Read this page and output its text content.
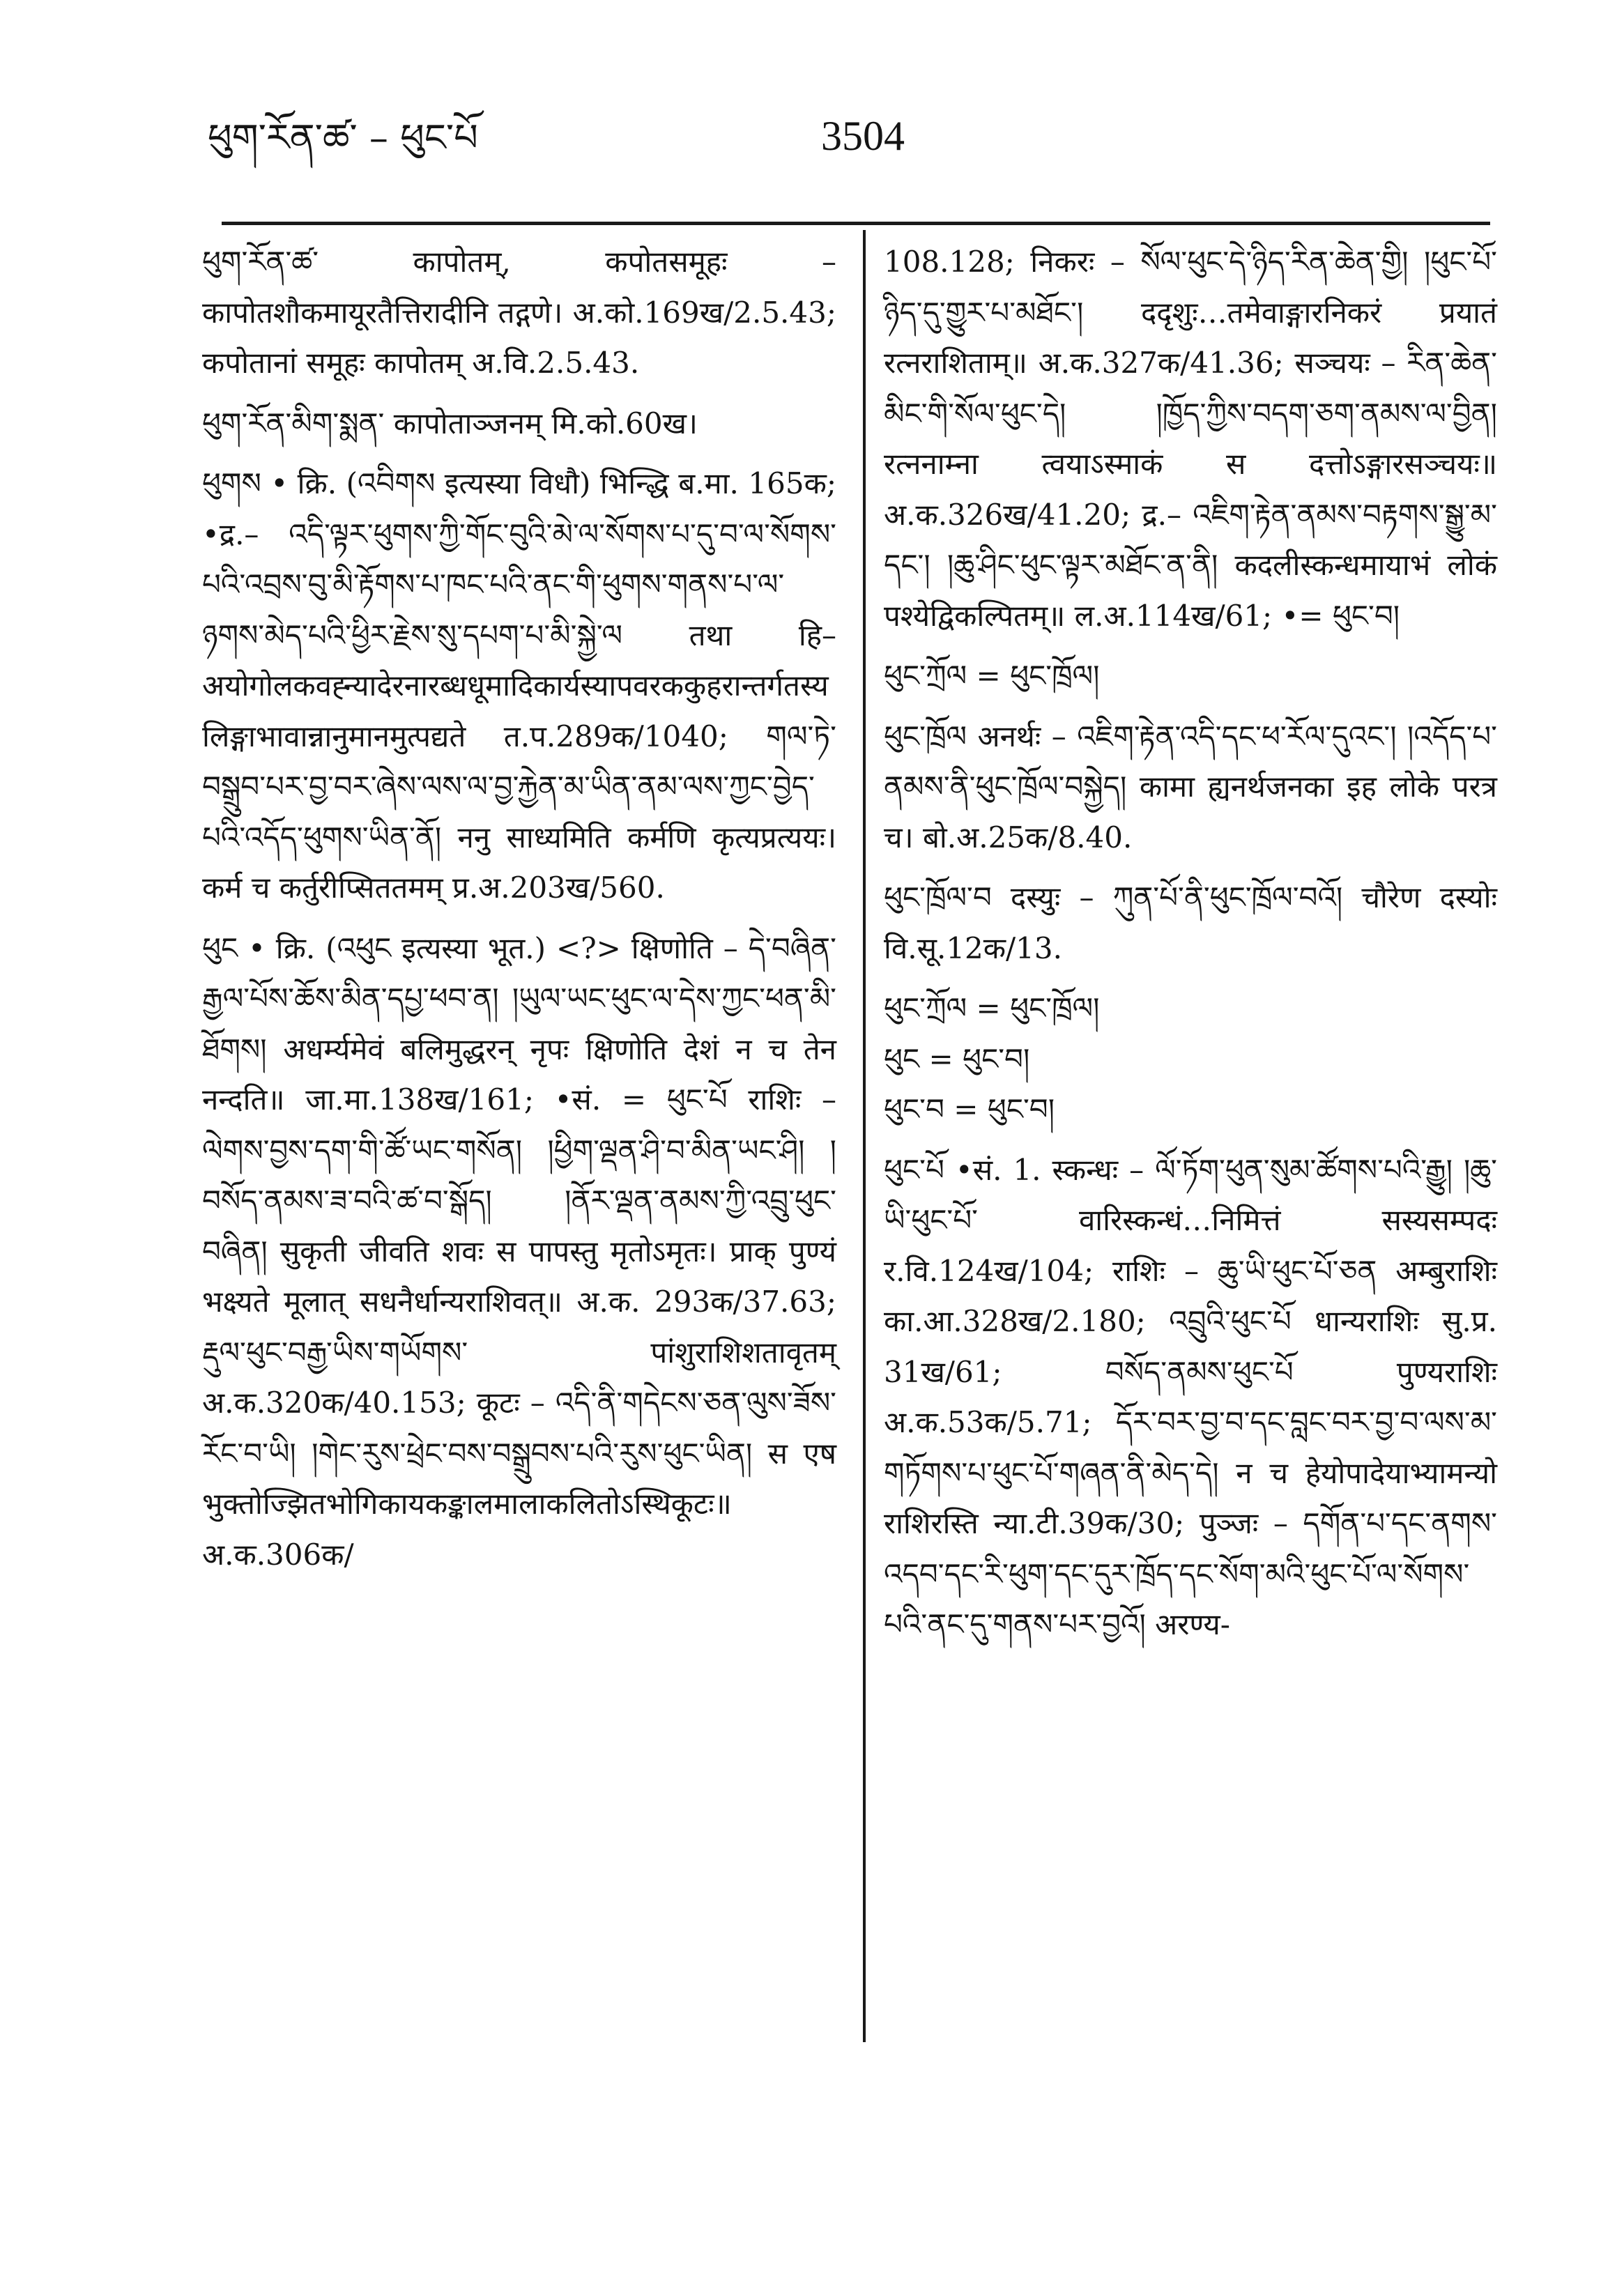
ཕུག་རོན་ཚ་ – ཕུང་པོ	3504

ཕུག་རོན་ཚ་ कापोतम्, कपोतसमूहः – कापोतशौकमायूरतैत्तिरादीनि तद्गणे। अ.को.169ख/2.5.43; कपोतानां समूहः कापोतम् अ.वि.2.5.43.

ཕུག་རོན་མིག་སྨན་ कापोताञ्जनम् मि.को.60ख।

ཕུགས • क्रि. (འབིགས इत्यस्या विधौ) भिन्द्धि ब.मा. 165क; •द्र.– འདི་ལྟར་ཕུགས་ཀྱི་གོང་བུའི་མེ་ལ་སོགས་པ་དུ་བ་ལ་སོགས་པའི་འབྲས་བུ་མི་རྟོགས་པ་ཁང་པའི་ནང་གི་ཕུགས་གནས་པ་ལ་ཉགས་མེད་པའི་ཕྱིར་རྗེས་སུ་དཔག་པ་མི་སྐྱེ་ལ तथा हि–अयोगोलकवह्न्यादेरनारब्धधूमादिकार्यस्यापवरककुहरान्तर्गतस्य लिङ्गाभावान्नानुमानमुत्पद्यते त.प.289क/1040; གལ་ཏེ་བསྒྲུབ་པར་བྱ་བར་ཞེས་ལས་ལ་བྱ་རྐྱེན་མ་ཡིན་ནམ་ལས་ཀྱང་བྱེད་པའི་འདོད་ཕུགས་ཡིན་ནོ། ननु साध्यमिति कर्मणि कृत्यप्रत्ययः। कर्म च कर्तुरीप्सिततमम् प्र.अ.203ख/560.

ཕུང • क्रि. (འཕུང इत्यस्या भूत.) <?> क्षिणोति – དེ་བཞིན་རྒྱལ་པོས་ཆོས་མིན་དཔྱ་ཕབ་ན། །ཡུལ་ཡང་ཕུང་ལ་དེས་ཀྱང་ཕན་མི་ཐོགས། अधर्म्यमेवं बलिमुद्धरन् नृपः क्षिणोति देशं न च तेन नन्दति॥ जा.मा.138ख/161; •सं. = ཕུང་པོ राशिः – ལེགས་བྱས་དག་གི་ཚོ་ཡང་གསོན། །ཕྱིག་ལྡན་ཤི་བ་མིན་ཡང་ཤི། །བསོད་ནམས་ཟ་བའི་ཚ་བ་སྒོད། །ནོར་ལྡན་ནམས་ཀྱི་འབྲུ་ཕུང་བཞིན། सुकृती जीवति शवः स पापस्तु मृतोऽमृतः। प्राक् पुण्यं भक्ष्यते मूलात् सधनैर्धान्यराशिवत्॥ अ.क. 293क/37.63; རྡུལ་ཕུང་བརྒྱ་ཡིས་གཡོགས་ पांशुराशिशतावृतम् अ.क.320क/40.153; कूटः – འདི་ནི་གདེངས་ཅན་ལུས་ཟོས་རོང་བ་ཡི། །གེང་རུས་ཕྲེང་བས་བསྒྲུབས་པའི་རུས་ཕུང་ཡིན། स एष भुक्तोज्झितभोगिकायकङ्कालमालाकलितोऽस्थिकूटः॥ अ.क.306क/

108.128; निकरः – སོལ་ཕུང་དེ་ཉིད་རིན་ཆེན་གྱི། །ཕུང་པོ་ཉིད་དུ་གྱུར་པ་མཐོང་། ददृशुः…तमेवाङ्गारनिकरं प्रयातं रत्नराशिताम्॥ अ.क.327क/41.36; सञ्चयः – རིན་ཆེན་མིང་གི་སོལ་ཕུང་དེ། །ཁྱོད་ཀྱིས་བདག་ཅག་ནམས་ལ་བྱིན། रत्ननाम्ना त्वयाऽस्माकं स दत्तोऽङ्गारसञ्चयः॥ अ.क.326ख/41.20; द्र.– འཇིག་རྟེན་ནམས་བརྟགས་སྒྱུ་མ་དང་། །ཆུ་ཤིང་ཕུང་ལྟར་མཐོང་ན་ནི། कदलीस्कन्धमायाभं लोकं पश्येद्विकल्पितम्॥ ल.अ.114ख/61; •= ཕུང་བ།

ཕུང་ཀྲོལ = ཕུང་ཁྲོལ།

ཕུང་ཁྲོལ अनर्थः – འཇིག་རྟེན་འདི་དང་ཕ་རོལ་དུའང་། །འདོད་པ་ནམས་ནི་ཕུང་ཁྲོལ་བསྐྱེད། कामा ह्यनर्थजनका इह लोके परत्र च। बो.अ.25क/8.40.

ཕུང་ཁྲོལ་བ दस्युः – ཀུན་པོ་ནི་ཕུང་ཁྲོལ་བའོ། चौरेण दस्योः वि.सू.12क/13.

ཕུང་ཀྲོལ = ཕུང་ཁྲོལ།

ཕུང = ཕུང་བ།

ཕུང་བ = ཕུང་བ།

ཕུང་པོ •सं. 1. स्कन्धः – ལོ་ཏོག་ཕུན་སུམ་ཚོགས་པའི་རྒྱུ། །ཆུ་ཡི་ཕུང་པོ་ वारिस्कन्धं…निमित्तं सस्यसम्पदः र.वि.124ख/104; राशिः – ཆུ་ཡི་ཕུང་པོ་ཅན अम्बुराशिः का.आ.328ख/2.180; འབྲུའི་ཕུང་པོ धान्यराशिः सु.प्र. 31ख/61; བསོད་ནམས་ཕུང་པོ पुण्यराशिः अ.क.53क/5.71; དོར་བར་བྱ་བ་དང་བླང་བར་བྱ་བ་ལས་མ་གཏོགས་པ་ཕུང་པོ་གཞན་ནི་མེད་དེ། न च हेयोपादेयाभ्यामन्यो राशिरस्ति न्या.टी.39क/30; पुञ्जः – དགོན་པ་དང་ནགས་འདབ་དང་རི་ཕུག་དང་དུར་ཁྲོད་དང་སོག་མའི་ཕུང་པོ་ལ་སོགས་པའི་ནང་དུ་གནས་པར་བྱའོ། अरण्य-
